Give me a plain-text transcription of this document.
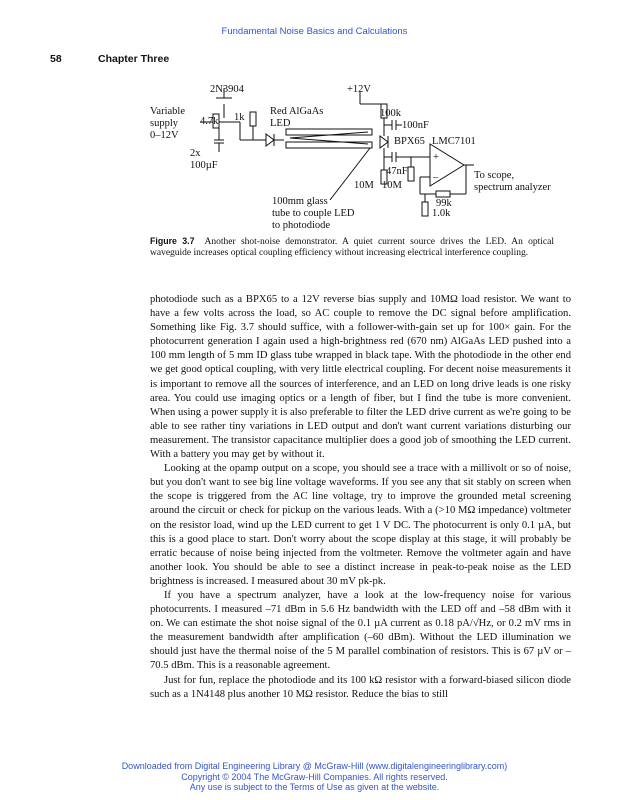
Fundamental Noise Basics and Calculations
58	Chapter Three
2N3904	+12V
Variable
supply
0–12V
4.7k 1k
Red AlGaAs
LED
2x
100µF
100k
100nF
BPX65 LMC7101
47nF
10M 10M
+
–	To scope,
spectrum analyzer
99k
1.0k
100mm glass
tube to couple LED
to photodiode
Figure 3.7 Another shot-noise demonstrator. A quiet current source drives the LED. An optical waveguide increases optical coupling efficiency without increasing electrical interference coupling.

photodiode such as a BPX65 to a 12V reverse bias supply and 10MΩ load resistor. We want to have a few volts across the load, so AC couple to remove the DC signal before amplification. Something like Fig. 3.7 should suffice, with a follower-with-gain set up for 100× gain. For the photocurrent generation I again used a high-brightness red (670 nm) AlGaAs LED pushed into a 100 mm length of 5 mm ID glass tube wrapped in black tape. With the photodiode in the other end we get good optical coupling, with very little electrical coupling. For decent noise measurements it is important to remove all the sources of interference, and an LED on long drive leads is one risky area. You could use imaging optics or a length of fiber, but I find the tube is more convenient. When using a power supply it is also preferable to filter the LED drive current as we're going to be able to see rather tiny variations in LED output and don't want current variations disturbing our measurement. The transistor capacitance multiplier does a good job of smoothing the LED current. With a battery you may get by without it.

Looking at the opamp output on a scope, you should see a trace with a millivolt or so of noise, but you don't want to see big line voltage waveforms. If you see any that sit stably on screen when the scope is triggered from the AC line voltage, try to improve the grounded metal screening around the circuit or check for pickup on the various leads. With a (>10 MΩ impedance) voltmeter on the resistor load, wind up the LED current to get 1 V DC. The photocurrent is only 0.1 µA, but this is a good place to start. Don't worry about the scope display at this stage, it will probably be erratic because of noise being injected from the voltmeter. Remove the voltmeter again and have another look. You should be able to see a distinct increase in peak-to-peak noise as the LED brightness is increased. I measured about 30 mV pk-pk.

If you have a spectrum analyzer, have a look at the low-frequency noise for various photocurrents. I measured –71 dBm in 5.6 Hz bandwidth with the LED off and –58 dBm with it on. We can estimate the shot noise signal of the 0.1 µA current as 0.18 pA/√Hz, or 0.2 mV rms in the measurement bandwidth after amplification (–60 dBm). Without the LED illumination we should just have the thermal noise of the 5 M parallel combination of resistors. This is 67 µV or –70.5 dBm. This is a reasonable agreement.

Just for fun, replace the photodiode and its 100 kΩ resistor with a forward-biased silicon diode such as a 1N4148 plus another 10 MΩ resistor. Reduce the bias to still

Downloaded from Digital Engineering Library @ McGraw-Hill (www.digitalengineeringlibrary.com)
Copyright © 2004 The McGraw-Hill Companies. All rights reserved.
Any use is subject to the Terms of Use as given at the website.
